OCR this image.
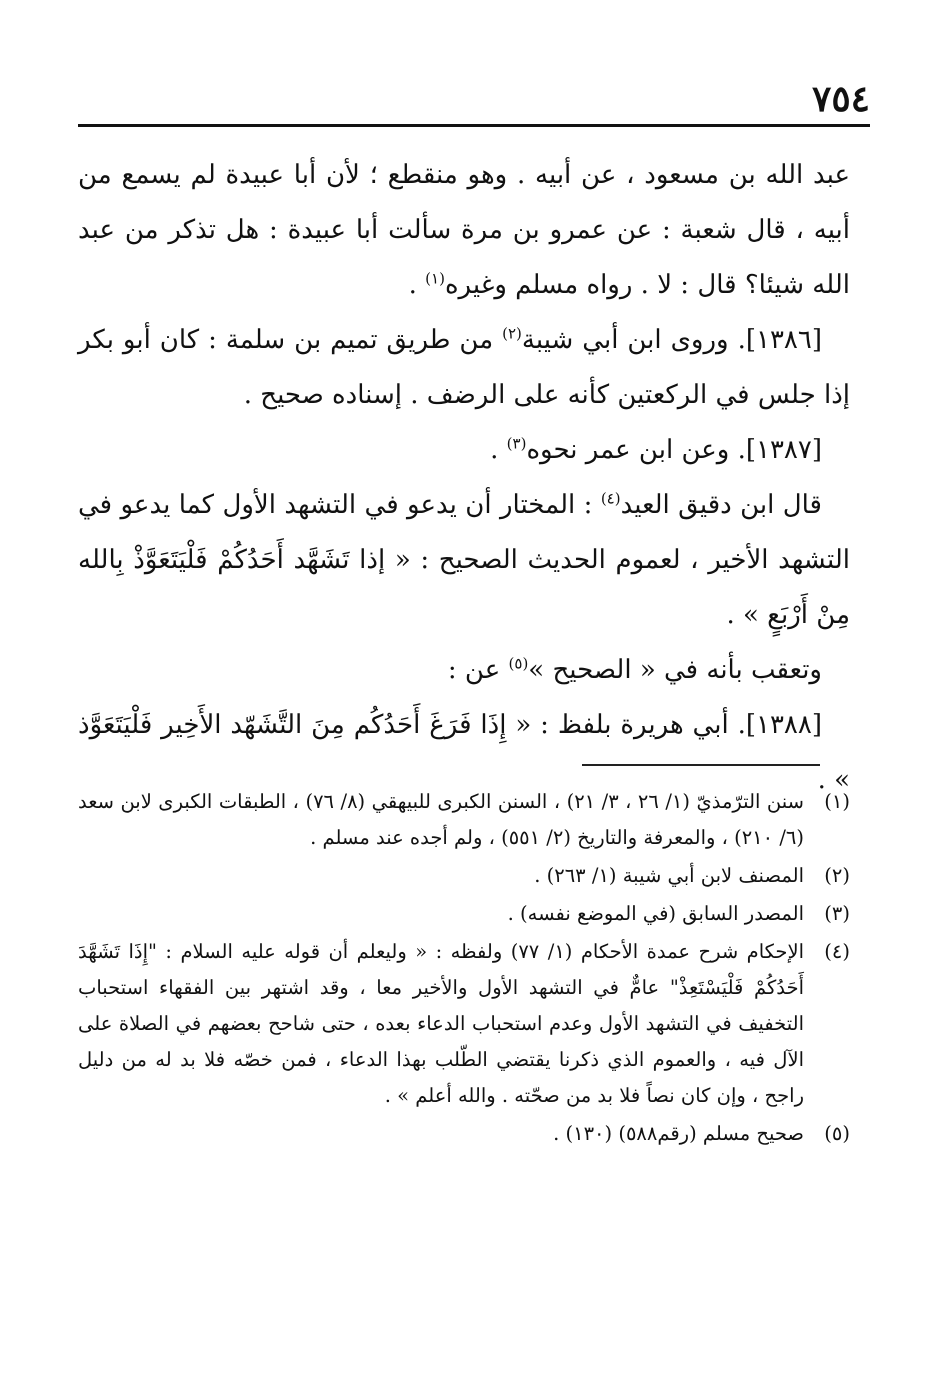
٧٥٤

عبد الله بن مسعود ، عن أبيه . وهو منقطع ؛ لأن أبا عبيدة لم يسمع من أبيه ، قال شعبة : عن عمرو بن مرة سألت أبا عبيدة : هل تذكر من عبد الله شيئا؟ قال : لا . رواه مسلم وغيره$^{(١)}$ .

[١٣٨٦]. وروى ابن أبي شيبة$^{(٢)}$ من طريق تميم بن سلمة : كان أبو بكر إذا جلس في الركعتين كأنه على الرضف . إسناده صحيح .

[١٣٨٧]. وعن ابن عمر نحوه$^{(٣)}$ .

قال ابن دقيق العيد$^{(٤)}$ : المختار أن يدعو في التشهد الأول كما يدعو في التشهد الأخير ، لعموم الحديث الصحيح : « إذا تَشَهَّد أَحَدُكُمْ فَلْيَتَعَوَّذْ بِالله مِنْ أَرْبَعٍ » .

وتعقب بأنه في « الصحيح »$^{(٥)}$ عن :

[١٣٨٨]. أبي هريرة بلفظ : « إِذَا فَرَغَ أَحَدُكُم مِنَ التَّشَهّد الأَخِير فَلْيَتَعَوَّذ » .

(١)
سنن الترّمذيّ (١/ ٢٦ ، ٣/ ٢١) ، السنن الكبرى للبيهقي (٨/ ٧٦) ، الطبقات الكبرى لابن سعد (٦/ ٢١٠) ، والمعرفة والتاريخ (٢/ ٥٥١) ، ولم أجده عند مسلم .
(٢)
المصنف لابن أبي شيبة (١/ ٢٦٣) .
(٣)
المصدر السابق (في الموضع نفسه) .
(٤)
الإحكام شرح عمدة الأحكام (١/ ٧٧) ولفظه : « وليعلم أن قوله عليه السلام : "إِذَا تَشَهَّدَ أَحَدُكُمْ فَلْيَسْتَعِذْ" عامٌّ في التشهد الأول والأخير معا ، وقد اشتهر بين الفقهاء استحباب التخفيف في التشهد الأول وعدم استحباب الدعاء بعده ، حتى شاحح بعضهم في الصلاة على الآل فيه ، والعموم الذي ذكرنا يقتضي الطّلب بهذا الدعاء ، فمن خصّه فلا بد له من دليل راجح ، وإن كان نصاً فلا بد من صحّته . والله أعلم » .
(٥)
صحيح مسلم (رقم٥٨٨) (١٣٠) .
